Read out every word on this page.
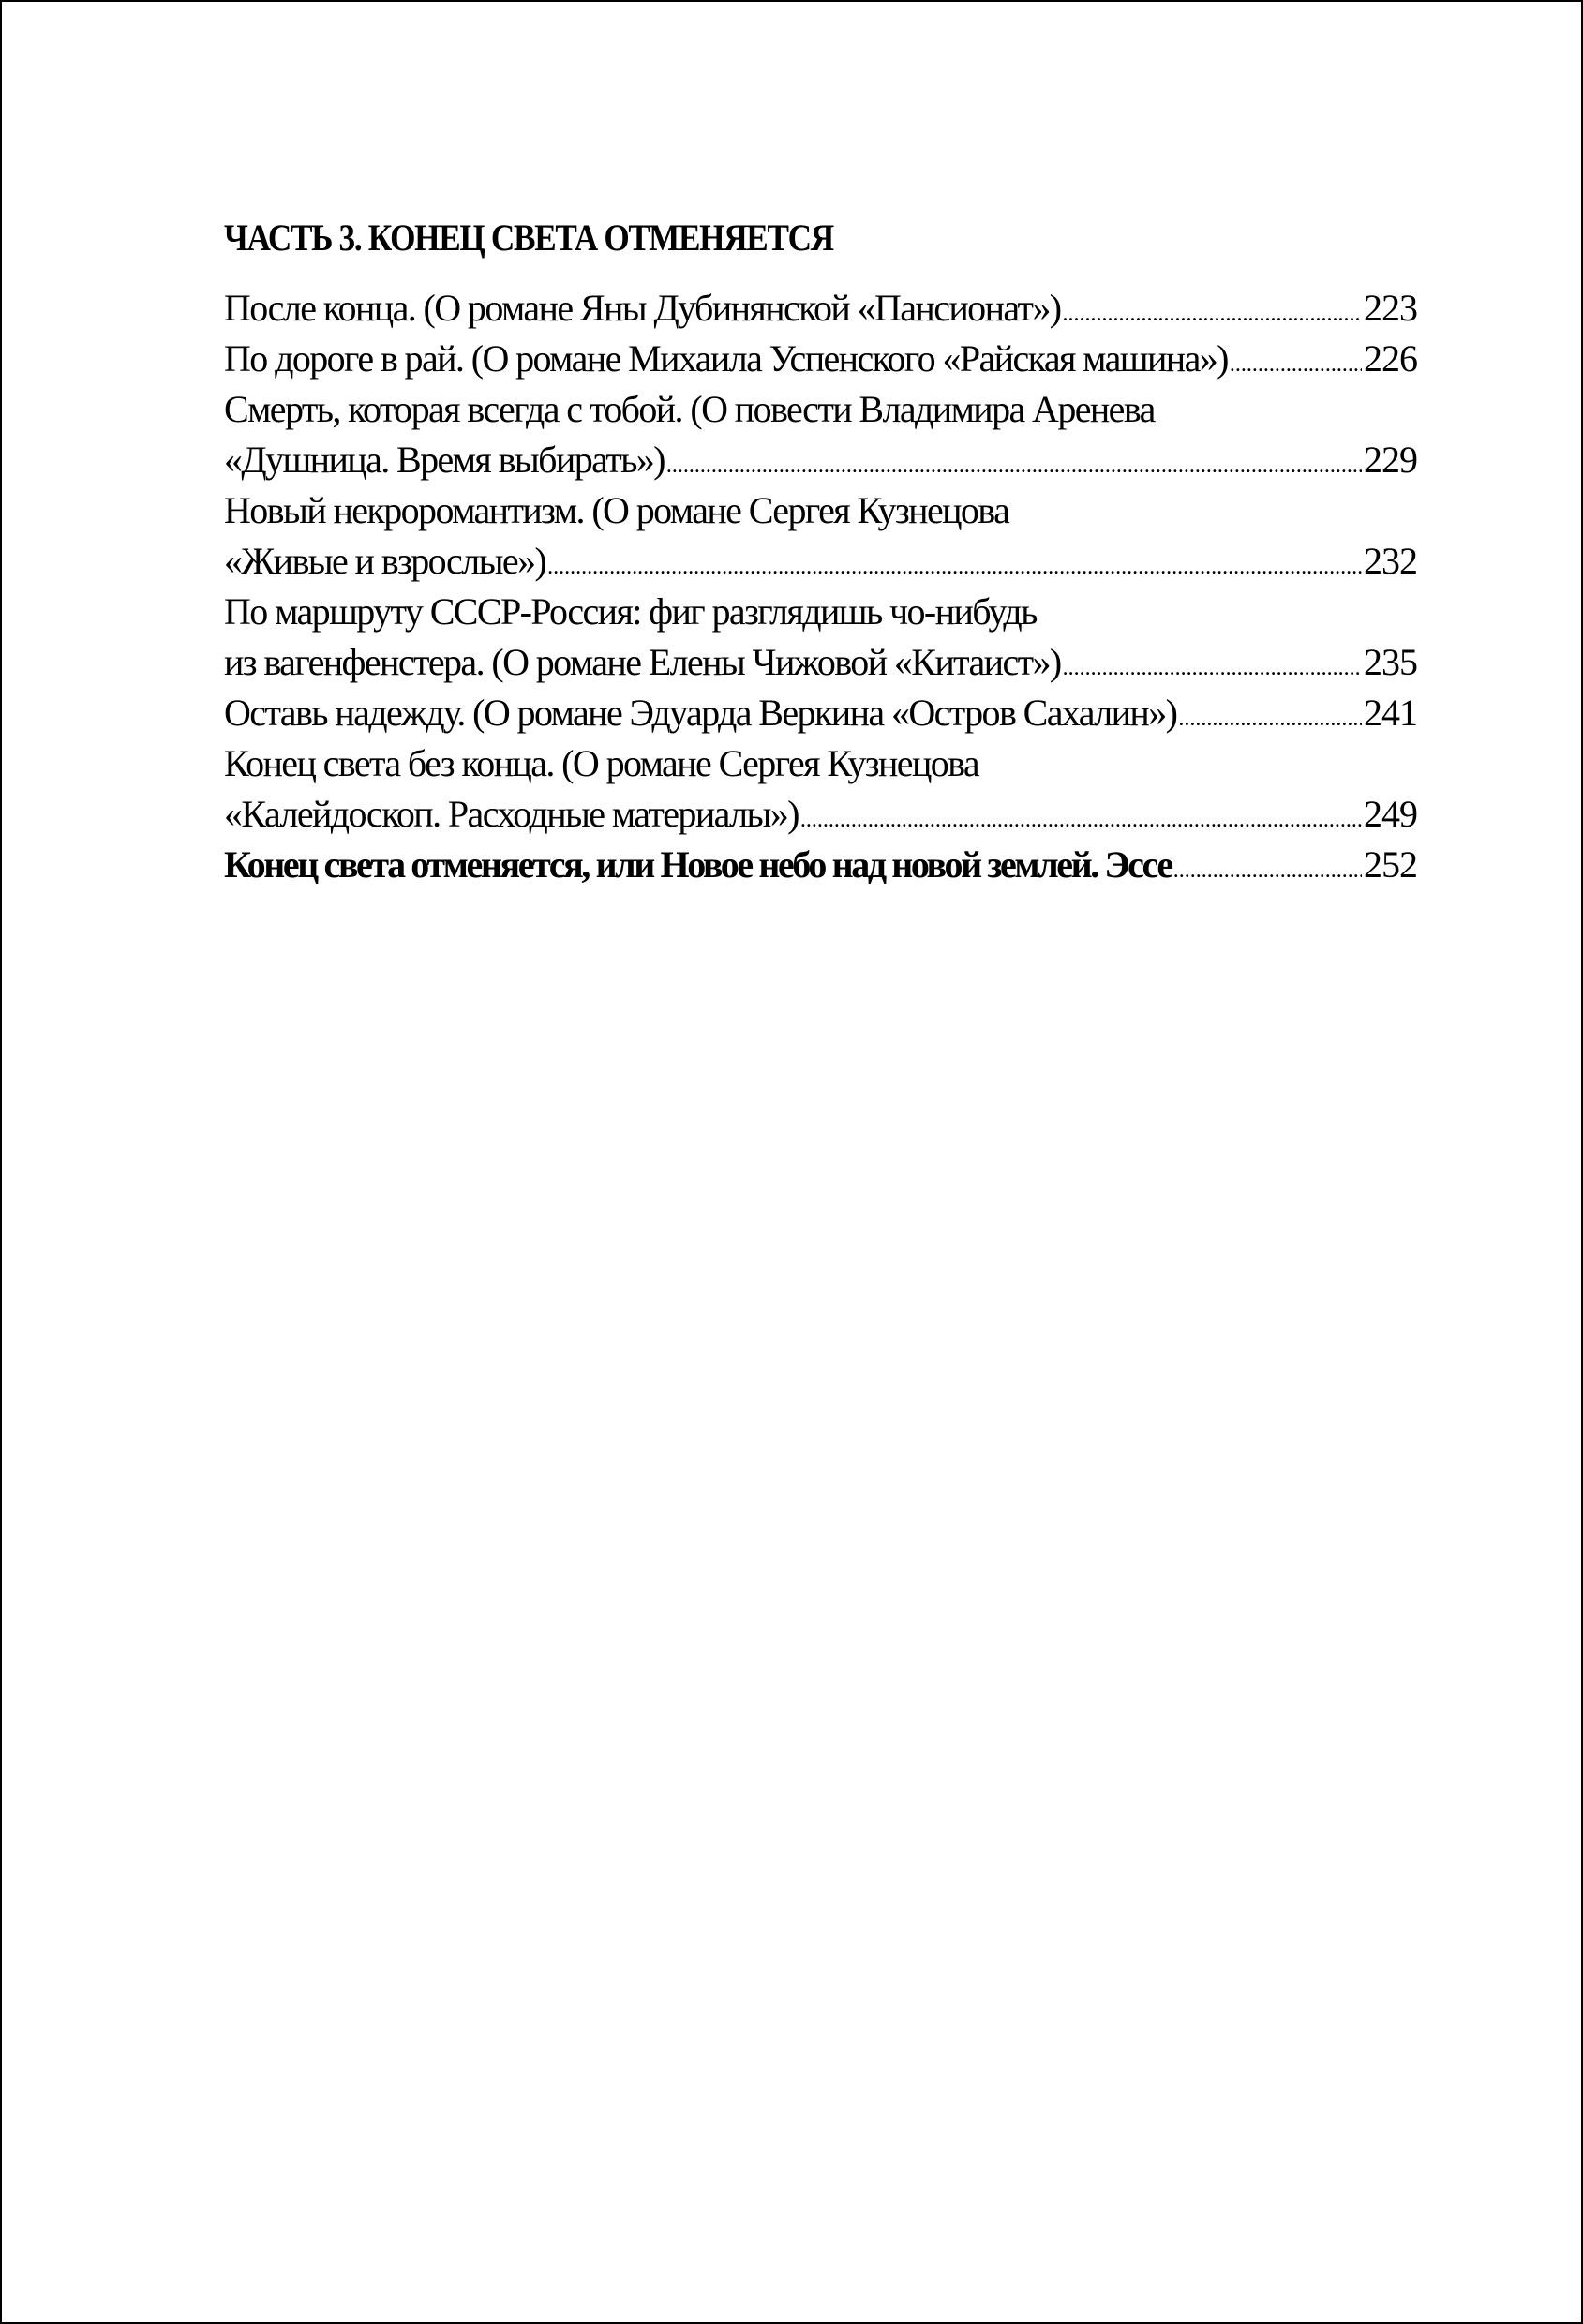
ЧАСТЬ 3. КОНЕЦ СВЕТА ОТМЕНЯЕТСЯ
После конца. (О романе Яны Дубинянской «Пансионат») .....	223
По дороге в рай. (О романе Михаила Успенского «Райская машина») .....	226
Смерть, которая всегда с тобой. (О повести Владимира Аренева
«Душница. Время выбирать») .....	229
Новый некроромантизм. (О романе Сергея Кузнецова
«Живые и взрослые») .....	232
По маршруту СССР-Россия: фиг разглядишь чо-нибудь
из вагенфенстера. (О романе Елены Чижовой «Китаист») .....	235
Оставь надежду. (О романе Эдуарда Веркина «Остров Сахалин») .....	241
Конец света без конца. (О романе Сергея Кузнецова
«Калейдоскоп. Расходные материалы») .....	249
Конец света отменяется, или Новое небо над новой землей. Эссе .....	252
